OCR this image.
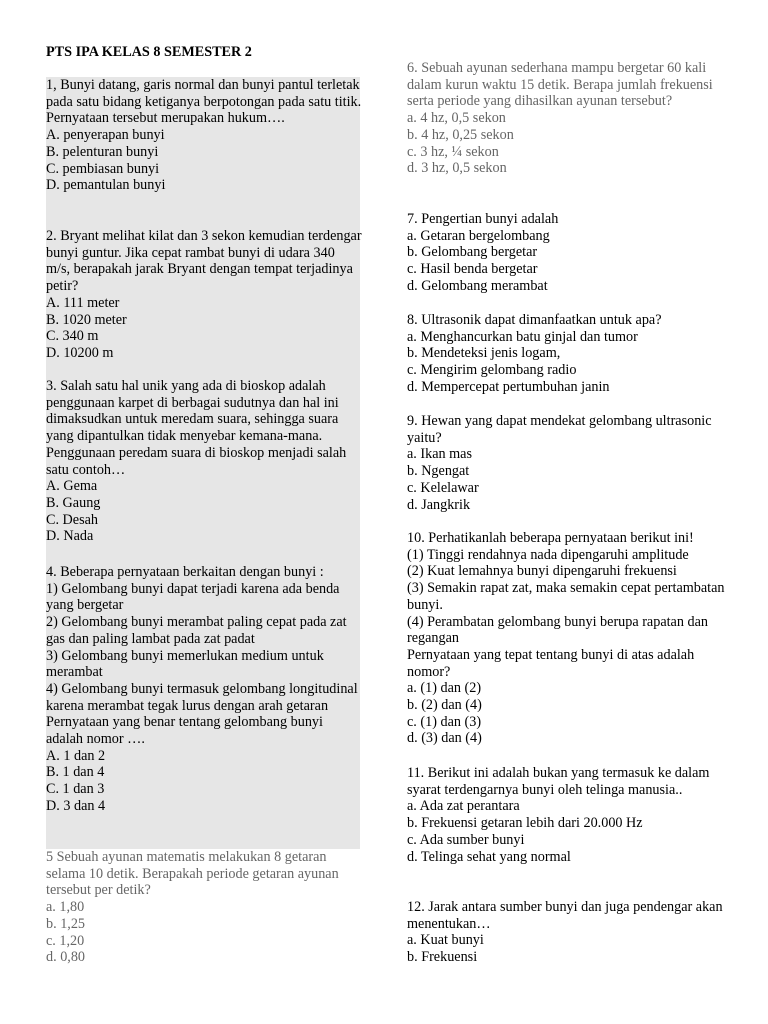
PTS IPA KELAS 8 SEMESTER 2

1, Bunyi datang, garis normal dan bunyi pantul terletak pada satu bidang ketiganya berpotongan pada satu titik. Pernyataan tersebut merupakan hukum….

A. penyerapan bunyi

B. pelenturan bunyi

C. pembiasan bunyi

D. pemantulan bunyi

2. Bryant melihat kilat dan 3 sekon kemudian terdengar bunyi guntur. Jika cepat rambat bunyi di udara 340 m/s, berapakah jarak Bryant dengan tempat terjadinya petir?

A. 111 meter

B. 1020 meter

C. 340 m

D. 10200 m

3. Salah satu hal unik yang ada di bioskop adalah penggunaan karpet di berbagai sudutnya dan hal ini dimaksudkan untuk meredam suara, sehingga suara yang dipantulkan tidak menyebar kemana-mana. Penggunaan peredam suara di bioskop menjadi salah satu contoh…

A. Gema

B. Gaung

C. Desah

D. Nada

4. Beberapa pernyataan berkaitan dengan bunyi :

1) Gelombang bunyi dapat terjadi karena ada benda yang bergetar

2) Gelombang bunyi merambat paling cepat pada zat gas dan paling lambat pada zat padat

3) Gelombang bunyi memerlukan medium untuk merambat

4) Gelombang bunyi termasuk gelombang longitudinal karena merambat tegak lurus dengan arah getaran

Pernyataan yang benar tentang gelombang bunyi adalah nomor ….

A. 1 dan 2

B. 1 dan 4

C. 1 dan 3

D. 3 dan 4

5 Sebuah ayunan matematis melakukan 8 getaran selama 10 detik. Berapakah periode getaran ayunan tersebut per detik?

a. 1,80

b. 1,25

c. 1,20

d. 0,80

6. Sebuah ayunan sederhana mampu bergetar 60 kali dalam kurun waktu 15 detik. Berapa jumlah frekuensi serta periode yang dihasilkan ayunan tersebut?

a. 4 hz, 0,5 sekon

b. 4 hz, 0,25 sekon

c. 3 hz, ¼ sekon

d. 3 hz, 0,5 sekon

7. Pengertian bunyi adalah

a. Getaran bergelombang

b. Gelombang bergetar

c. Hasil benda bergetar

d. Gelombang merambat

8. Ultrasonik dapat dimanfaatkan untuk apa?

a. Menghancurkan batu ginjal dan tumor

b. Mendeteksi jenis logam,

c. Mengirim gelombang radio

d. Mempercepat pertumbuhan janin

9. Hewan yang dapat mendekat gelombang ultrasonic yaitu?

a. Ikan mas

b. Ngengat

c. Kelelawar

d. Jangkrik

10. Perhatikanlah beberapa pernyataan berikut ini!

(1) Tinggi rendahnya nada dipengaruhi amplitude

(2) Kuat lemahnya bunyi dipengaruhi frekuensi

(3) Semakin rapat zat, maka semakin cepat pertambatan bunyi.

(4) Perambatan gelombang bunyi berupa rapatan dan regangan

Pernyataan yang tepat tentang bunyi di atas adalah nomor?

a. (1) dan (2)

b. (2) dan (4)

c. (1) dan (3)

d. (3) dan (4)

11. Berikut ini adalah bukan yang termasuk ke dalam syarat terdengarnya bunyi oleh telinga manusia..

a. Ada zat perantara

b. Frekuensi getaran lebih dari 20.000 Hz

c. Ada sumber bunyi

d. Telinga sehat yang normal

12. Jarak antara sumber bunyi dan juga pendengar akan menentukan…

a. Kuat bunyi

b. Frekuensi
